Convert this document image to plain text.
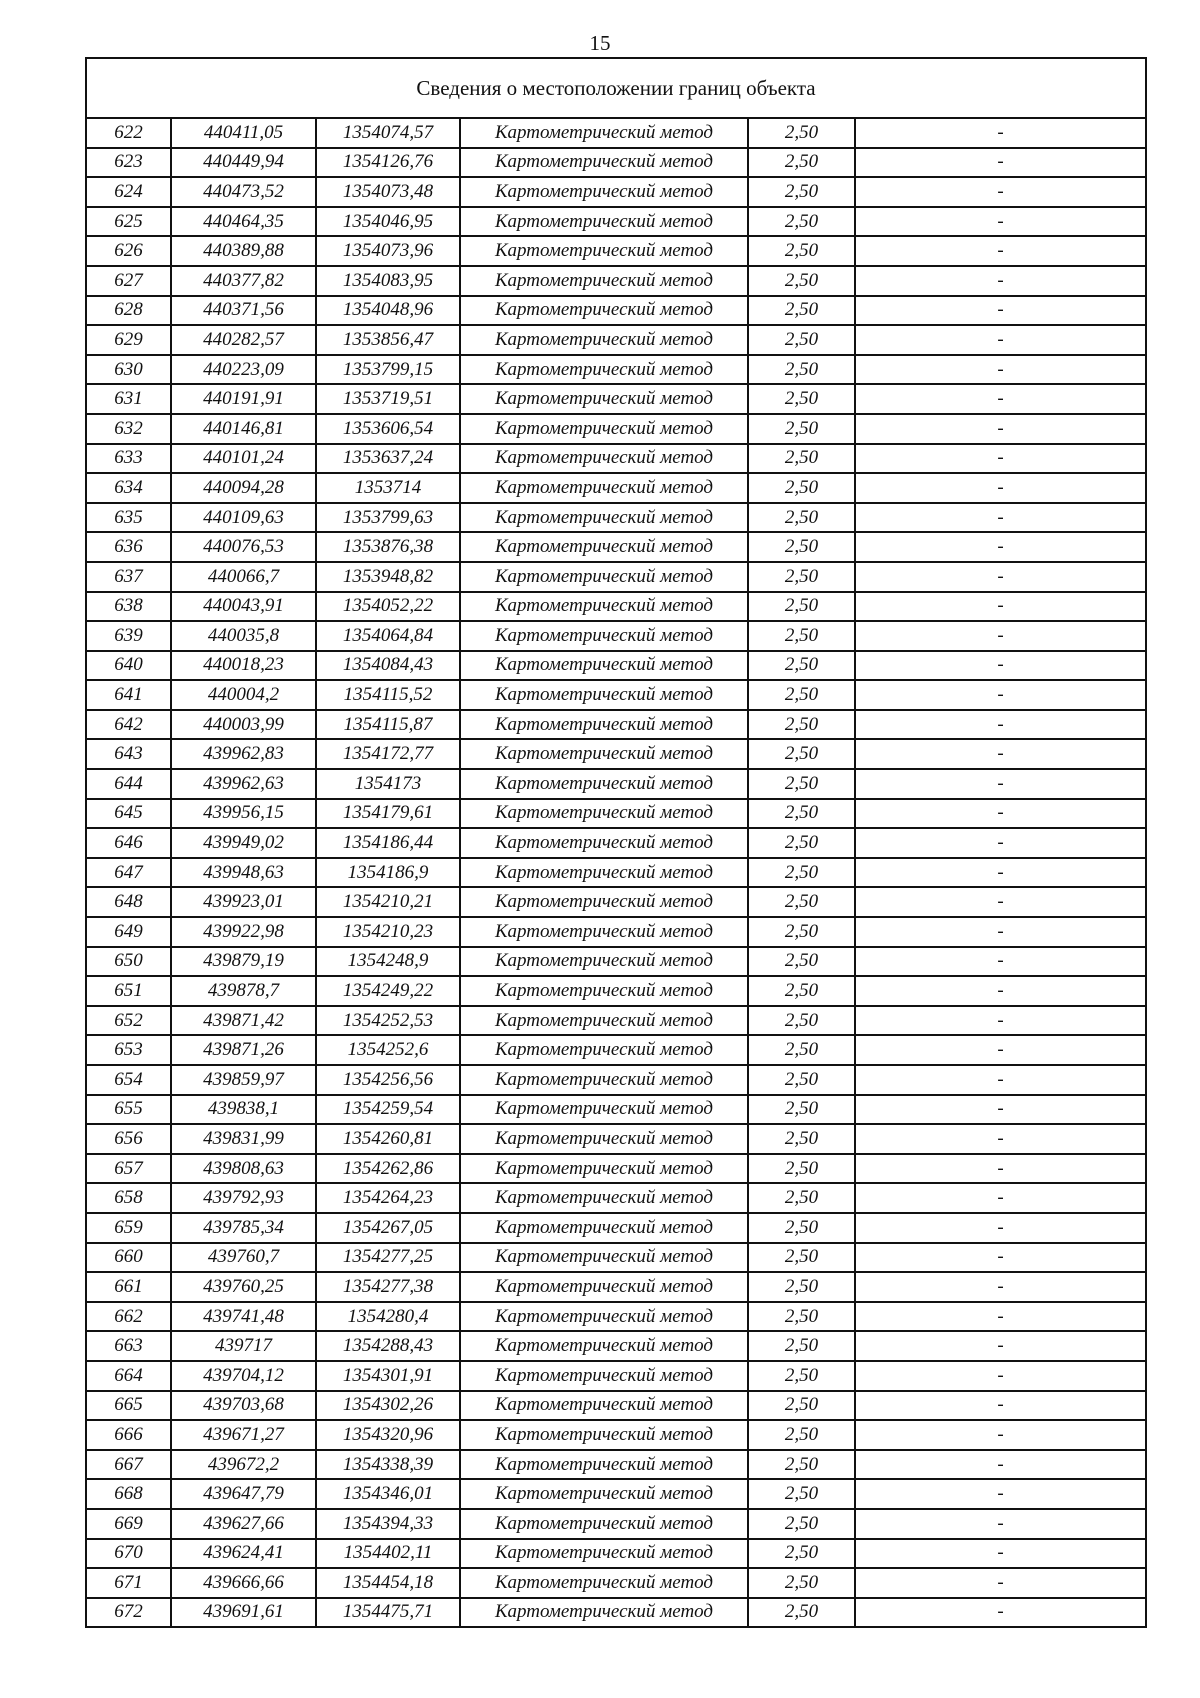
15
Сведения о местоположении границ объекта					
622	440411,05	1354074,57	Картометрический метод	2,50	-
623	440449,94	1354126,76	Картометрический метод	2,50	-
624	440473,52	1354073,48	Картометрический метод	2,50	-
625	440464,35	1354046,95	Картометрический метод	2,50	-
626	440389,88	1354073,96	Картометрический метод	2,50	-
627	440377,82	1354083,95	Картометрический метод	2,50	-
628	440371,56	1354048,96	Картометрический метод	2,50	-
629	440282,57	1353856,47	Картометрический метод	2,50	-
630	440223,09	1353799,15	Картометрический метод	2,50	-
631	440191,91	1353719,51	Картометрический метод	2,50	-
632	440146,81	1353606,54	Картометрический метод	2,50	-
633	440101,24	1353637,24	Картометрический метод	2,50	-
634	440094,28	1353714	Картометрический метод	2,50	-
635	440109,63	1353799,63	Картометрический метод	2,50	-
636	440076,53	1353876,38	Картометрический метод	2,50	-
637	440066,7	1353948,82	Картометрический метод	2,50	-
638	440043,91	1354052,22	Картометрический метод	2,50	-
639	440035,8	1354064,84	Картометрический метод	2,50	-
640	440018,23	1354084,43	Картометрический метод	2,50	-
641	440004,2	1354115,52	Картометрический метод	2,50	-
642	440003,99	1354115,87	Картометрический метод	2,50	-
643	439962,83	1354172,77	Картометрический метод	2,50	-
644	439962,63	1354173	Картометрический метод	2,50	-
645	439956,15	1354179,61	Картометрический метод	2,50	-
646	439949,02	1354186,44	Картометрический метод	2,50	-
647	439948,63	1354186,9	Картометрический метод	2,50	-
648	439923,01	1354210,21	Картометрический метод	2,50	-
649	439922,98	1354210,23	Картометрический метод	2,50	-
650	439879,19	1354248,9	Картометрический метод	2,50	-
651	439878,7	1354249,22	Картометрический метод	2,50	-
652	439871,42	1354252,53	Картометрический метод	2,50	-
653	439871,26	1354252,6	Картометрический метод	2,50	-
654	439859,97	1354256,56	Картометрический метод	2,50	-
655	439838,1	1354259,54	Картометрический метод	2,50	-
656	439831,99	1354260,81	Картометрический метод	2,50	-
657	439808,63	1354262,86	Картометрический метод	2,50	-
658	439792,93	1354264,23	Картометрический метод	2,50	-
659	439785,34	1354267,05	Картометрический метод	2,50	-
660	439760,7	1354277,25	Картометрический метод	2,50	-
661	439760,25	1354277,38	Картометрический метод	2,50	-
662	439741,48	1354280,4	Картометрический метод	2,50	-
663	439717	1354288,43	Картометрический метод	2,50	-
664	439704,12	1354301,91	Картометрический метод	2,50	-
665	439703,68	1354302,26	Картометрический метод	2,50	-
666	439671,27	1354320,96	Картометрический метод	2,50	-
667	439672,2	1354338,39	Картометрический метод	2,50	-
668	439647,79	1354346,01	Картометрический метод	2,50	-
669	439627,66	1354394,33	Картометрический метод	2,50	-
670	439624,41	1354402,11	Картометрический метод	2,50	-
671	439666,66	1354454,18	Картометрический метод	2,50	-
672	439691,61	1354475,71	Картометрический метод	2,50	-
